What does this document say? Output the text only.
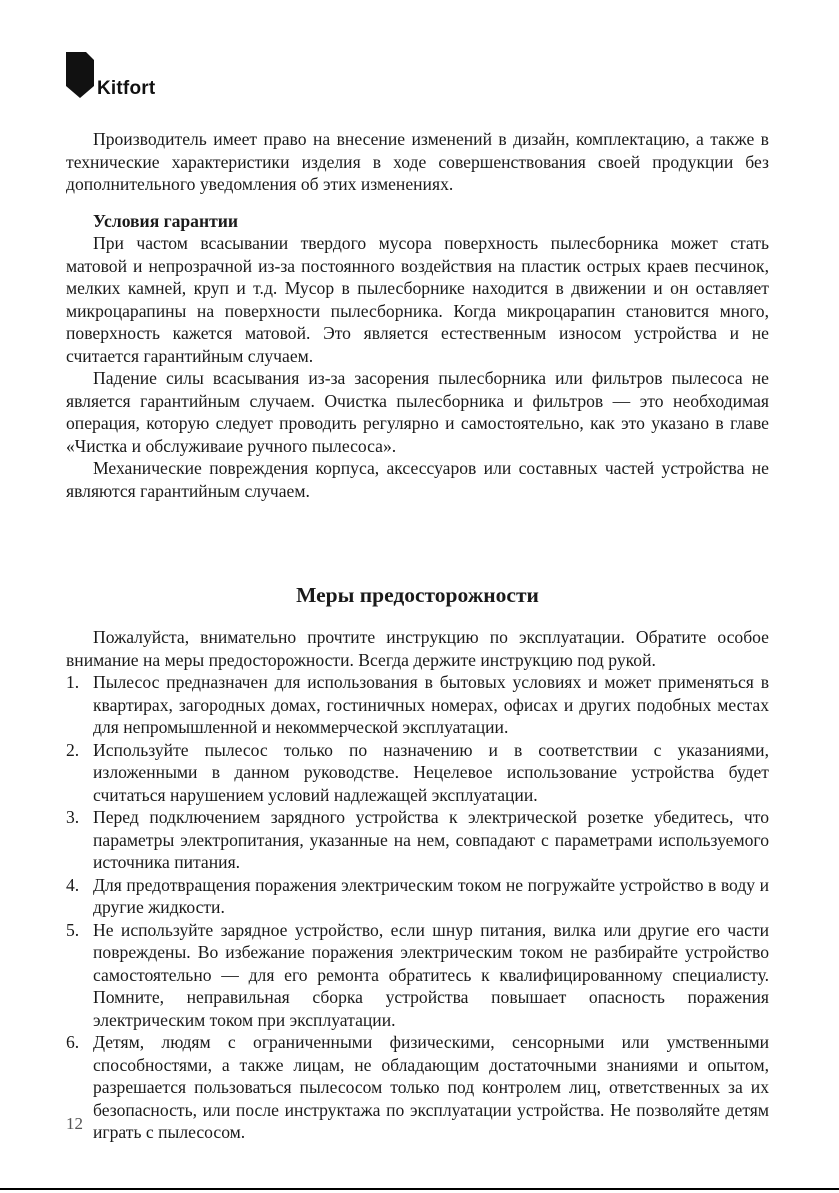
Kitfort

Производитель имеет право на внесение изменений в дизайн, комплектацию, а также в технические характеристики изделия в ходе совершенствования своей продукции без дополнительного уведомления об этих изменениях.

Условия гарантии

При частом всасывании твердого мусора поверхность пылесборника может стать матовой и непрозрачной из-за постоянного воздействия на пластик острых краев песчинок, мелких камней, круп и т.д. Мусор в пылесборнике находится в движении и он оставляет микроцарапины на поверхности пылесборника. Когда микроцарапин становится много, поверхность кажется матовой. Это является естественным износом устройства и не считается гарантийным случаем.

Падение силы всасывания из-за засорения пылесборника или фильтров пылесоса не является гарантийным случаем. Очистка пылесборника и фильтров — это необходимая операция, которую следует проводить регулярно и самостоятельно, как это указано в главе «Чистка и обслуживаие ручного пылесоса».

Механические повреждения корпуса, аксессуаров или составных частей устройства не являются гарантийным случаем.

Меры предосторожности

Пожалуйста, внимательно прочтите инструкцию по эксплуатации. Обратите особое внимание на меры предосторожности. Всегда держите инструкцию под рукой.

1. Пылесос предназначен для использования в бытовых условиях и может применяться в квартирах, загородных домах, гостиничных номерах, офисах и других подобных местах для непромышленной и некоммерческой эксплуатации.
2. Используйте пылесос только по назначению и в соответствии с указаниями, изложенными в данном руководстве. Нецелевое использование устройства будет считаться нарушением условий надлежащей эксплуатации.
3. Перед подключением зарядного устройства к электрической розетке убедитесь, что параметры электропитания, указанные на нем, совпадают с параметрами используемого источника питания.
4. Для предотвращения поражения электрическим током не погружайте устройство в воду и другие жидкости.
5. Не используйте зарядное устройство, если шнур питания, вилка или другие его части повреждены. Во избежание поражения электрическим током не разбирайте устройство самостоятельно — для его ремонта обратитесь к квалифицированному специалисту. Помните, неправильная сборка устройства повышает опасность поражения электрическим током при эксплуатации.
6. Детям, людям с ограниченными физическими, сенсорными или умственными способностями, а также лицам, не обладающим достаточными знаниями и опытом, разрешается пользоваться пылесосом только под контролем лиц, ответственных за их безопасность, или после инструктажа по эксплуатации устройства. Не позволяйте детям играть с пылесосом.
12
